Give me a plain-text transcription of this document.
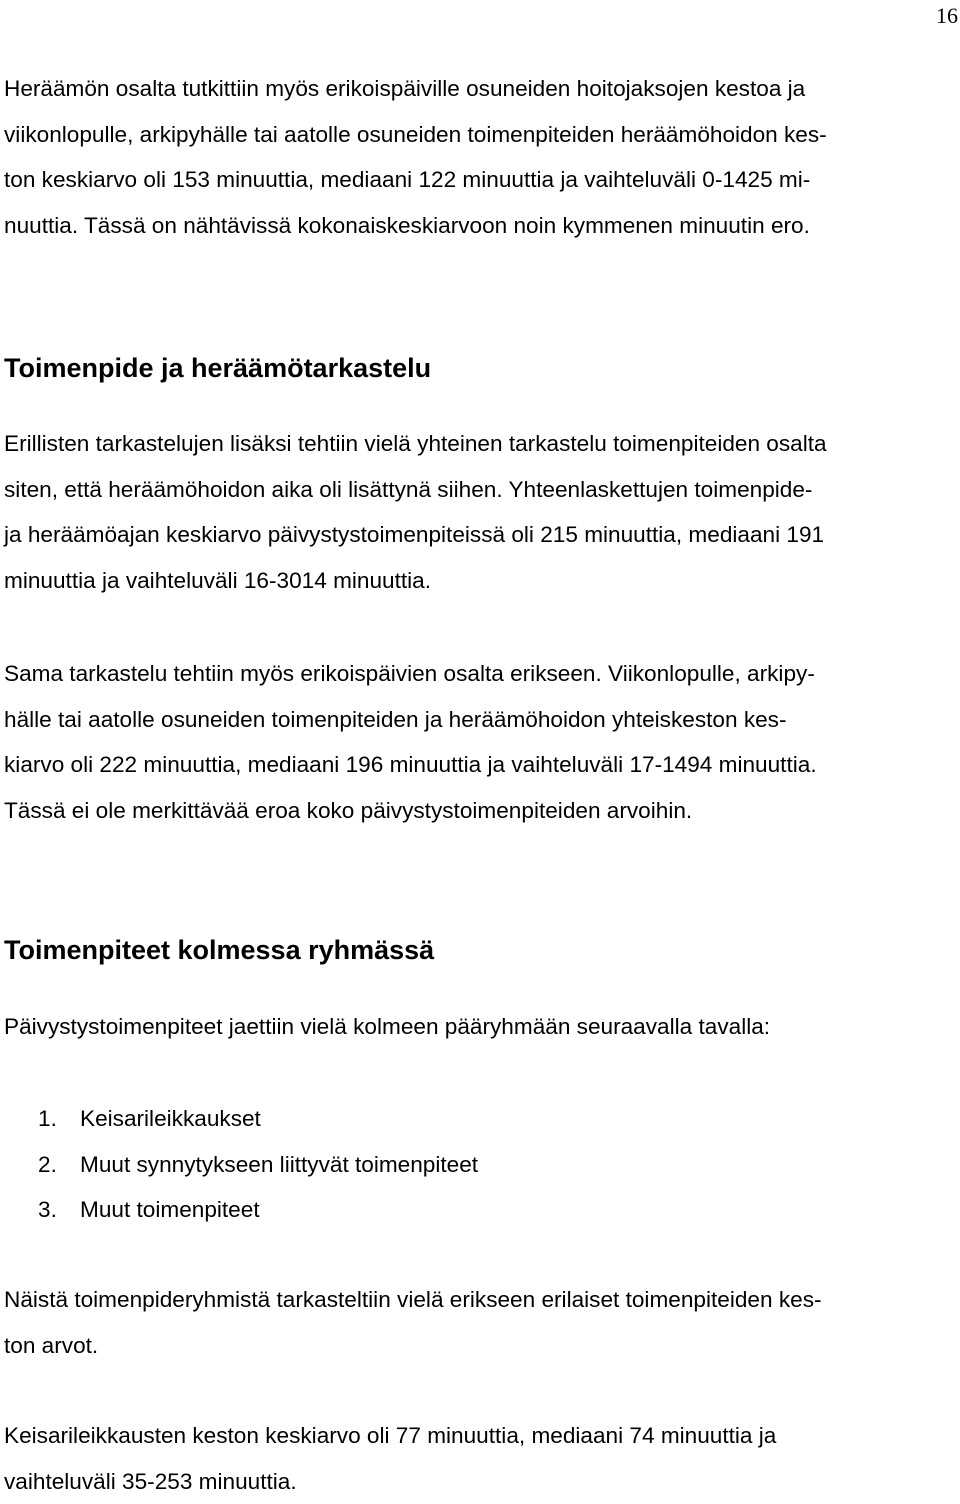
16

Heräämön osalta tutkittiin myös erikoispäiville osuneiden hoitojaksojen kestoa ja
viikonlopulle, arkipyhälle tai aatolle osuneiden toimenpiteiden heräämöhoidon kes-
ton keskiarvo oli 153 minuuttia, mediaani 122 minuuttia ja vaihteluväli 0-1425 mi-
nuuttia. Tässä on nähtävissä kokonaiskeskiarvoon noin kymmenen minuutin ero.

Toimenpide ja heräämötarkastelu

Erillisten tarkastelujen lisäksi tehtiin vielä yhteinen tarkastelu toimenpiteiden osalta
siten, että heräämöhoidon aika oli lisättynä siihen. Yhteenlaskettujen toimenpide-
ja heräämöajan keskiarvo päivystystoimenpiteissä oli 215 minuuttia, mediaani 191
minuuttia ja vaihteluväli 16-3014 minuuttia.

Sama tarkastelu tehtiin myös erikoispäivien osalta erikseen. Viikonlopulle, arkipy-
hälle tai aatolle osuneiden toimenpiteiden ja heräämöhoidon yhteiskeston kes-
kiarvo oli 222 minuuttia, mediaani 196 minuuttia ja vaihteluväli 17-1494 minuuttia.
Tässä ei ole merkittävää eroa koko päivystystoimenpiteiden arvoihin.

Toimenpiteet kolmessa ryhmässä

Päivystystoimenpiteet jaettiin vielä kolmeen pääryhmään seuraavalla tavalla:

1. Keisarileikkaukset
2. Muut synnytykseen liittyvät toimenpiteet
3. Muut toimenpiteet

Näistä toimenpideryhmistä tarkasteltiin vielä erikseen erilaiset toimenpiteiden kes-
ton arvot.

Keisarileikkausten keston keskiarvo oli 77 minuuttia, mediaani 74 minuuttia ja
vaihteluväli 35-253 minuuttia.
